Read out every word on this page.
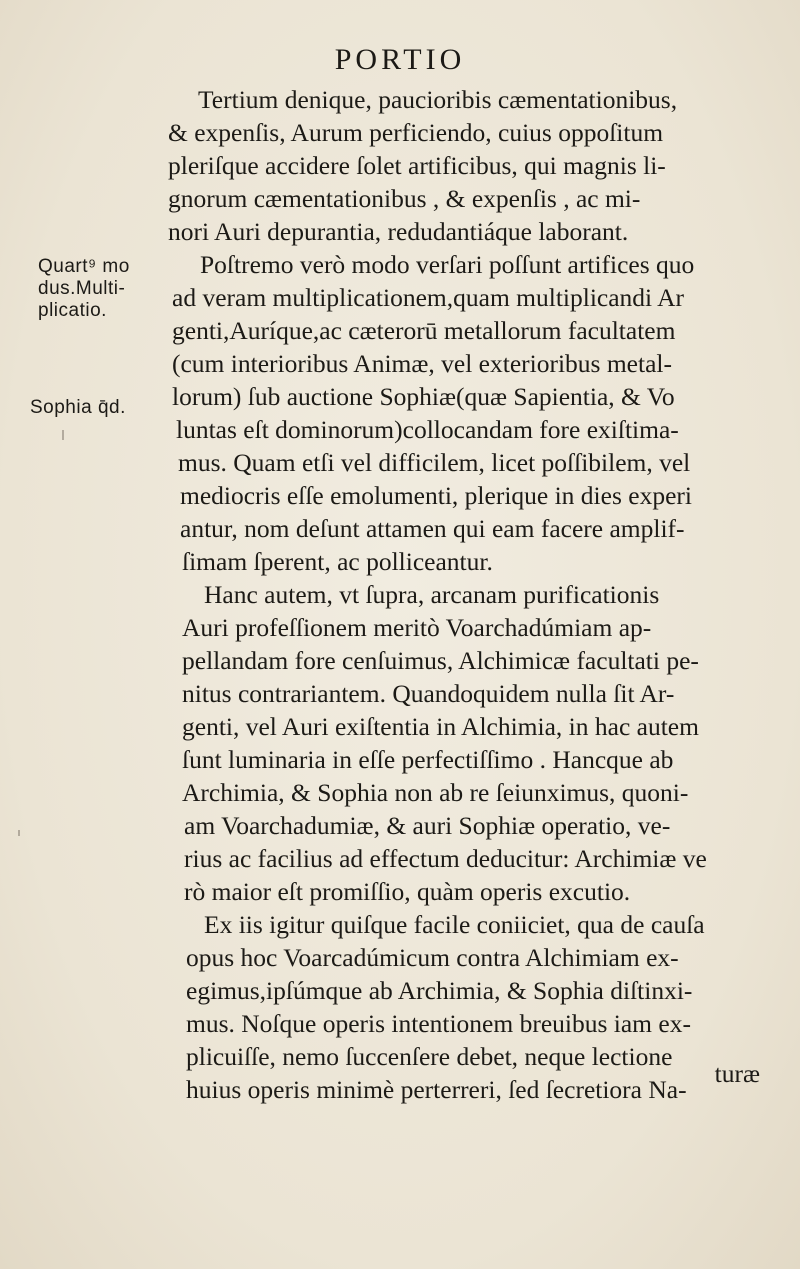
PORTIO
Quart⁹ mo
dus.Multi-
plicatio.
Sophia q̄d.
Tertium denique, paucioribis cæmentationibus,
& expenſis, Aurum perficiendo, cuius oppoſitum
pleriſque accidere ſolet artificibus, qui magnis li-
gnorum cæmentationibus , & expenſis , ac mi-
nori Auri depurantia, redudantiáque laborant.
Poſtremo verò modo verſari poſſunt artifices quo
ad veram multiplicationem,quam multiplicandi Ar
genti,Auríque,ac cæterorū metallorum facultatem
(cum interioribus Animæ, vel exterioribus metal-
lorum) ſub auctione Sophiæ(quæ Sapientia, & Vo
luntas eſt dominorum)collocandam fore exiſtima-
mus. Quam etſi vel difficilem, licet poſſibilem, vel
mediocris eſſe emolumenti, plerique in dies experi
antur, nom deſunt attamen qui eam facere amplif-
ſimam ſperent, ac polliceantur.
Hanc autem, vt ſupra, arcanam purificationis
Auri profeſſionem meritò Voarchadúmiam ap-
pellandam fore cenſuimus, Alchimicæ facultati pe-
nitus contrariantem. Quandoquidem nulla ſit Ar-
genti, vel Auri exiſtentia in Alchimia, in hac autem
ſunt luminaria in eſſe perfectiſſimo . Hancque ab
Archimia, & Sophia non ab re ſeiunximus, quoni-
am Voarchadumiæ, & auri Sophiæ operatio, ve-
rius ac facilius ad effectum deducitur: Archimiæ ve
rò maior eſt promiſſio, quàm operis excutio.
Ex iis igitur quiſque facile coniiciet, qua de cauſa
opus hoc Voarcadúmicum contra Alchimiam ex-
egimus,ipſúmque ab Archimia, & Sophia diſtinxi-
mus. Noſque operis intentionem breuibus iam ex-
plicuiſſe, nemo ſuccenſere debet, neque lectione
huius operis minimè perterreri, ſed ſecretiora Na-
turæ
